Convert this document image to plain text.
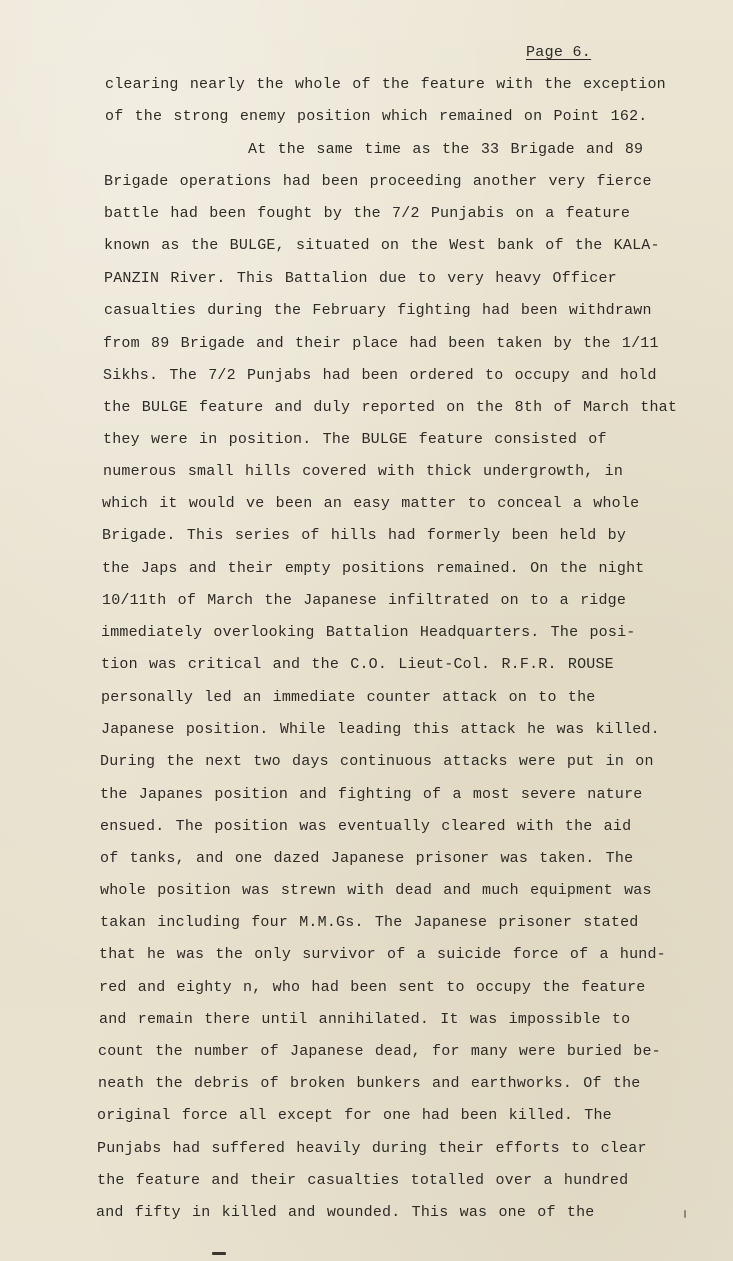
Page 6.
clearing nearly the whole of the feature with the exception
of the strong enemy position which remained on Point 162.
At the same time as the 33 Brigade and 89
Brigade operations had been proceeding another very fierce
battle had been fought by the 7/2 Punjabis on a feature
known as the BULGE, situated on the West bank of the KALA-
PANZIN River. This Battalion due to very heavy Officer
casualties during the February fighting had been withdrawn
from 89 Brigade and their place had been taken by the 1/11
Sikhs. The 7/2 Punjabs had been ordered to occupy and hold
the BULGE feature and duly reported on the 8th of March that
they were in position. The BULGE feature consisted of
numerous small hills covered with thick undergrowth, in
which it would ve been an easy matter to conceal a whole
Brigade. This series of hills had formerly been held by
the Japs and their empty positions remained. On the night
10/11th of March the Japanese infiltrated on to a ridge
immediately overlooking Battalion Headquarters. The posi-
tion was critical and the C.O. Lieut-Col. R.F.R. ROUSE
personally led an immediate counter attack on to the
Japanese position. While leading this attack he was killed.
During the next two days continuous attacks were put in on
the Japanes position and fighting of a most severe nature
ensued. The position was eventually cleared with the aid
of tanks, and one dazed Japanese prisoner was taken. The
whole position was strewn with dead and much equipment was
takan including four M.M.Gs. The Japanese prisoner stated
that he was the only survivor of a suicide force of a hund-
red and eighty n, who had been sent to occupy the feature
and remain there until annihilated. It was impossible to
count the number of Japanese dead, for many were buried be-
neath the debris of broken bunkers and earthworks. Of the
original force all except for one had been killed. The
Punjabs had suffered heavily during their efforts to clear
the feature and their casualties totalled over a hundred
and fifty in killed and wounded. This was one of the
